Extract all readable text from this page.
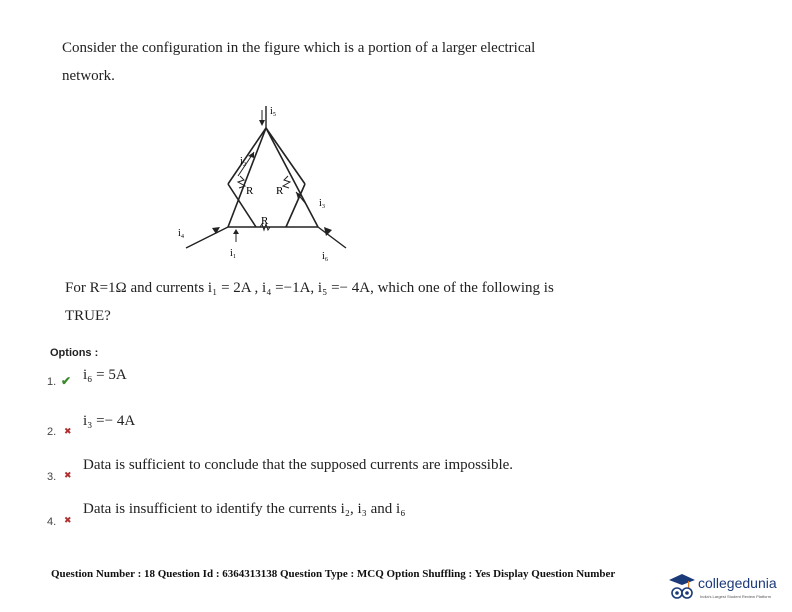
Consider the configuration in the figure which is a portion of a larger electrical
network.
R R
R
i₅
i₂
i₃
i₄
i₁	i₆
For R=1Ω and currents i₁ = 2A , i₄ =−1A, i₅ =− 4A, which one of the following is
TRUE?
Options :
1. ✔ i₆ = 5A
2. ✖
i₃ =− 4A
3. ✖
Data is sufficient to conclude that the supposed currents are impossible.
4. ✖
Data is insufficient to identify the currents i₂, i₃ and i₆
Question Number : 18 Question Id : 6364313138 Question Type : MCQ Option Shuffling : Yes Display Question Number
collegedunia
India's Largest Student Review Platform
